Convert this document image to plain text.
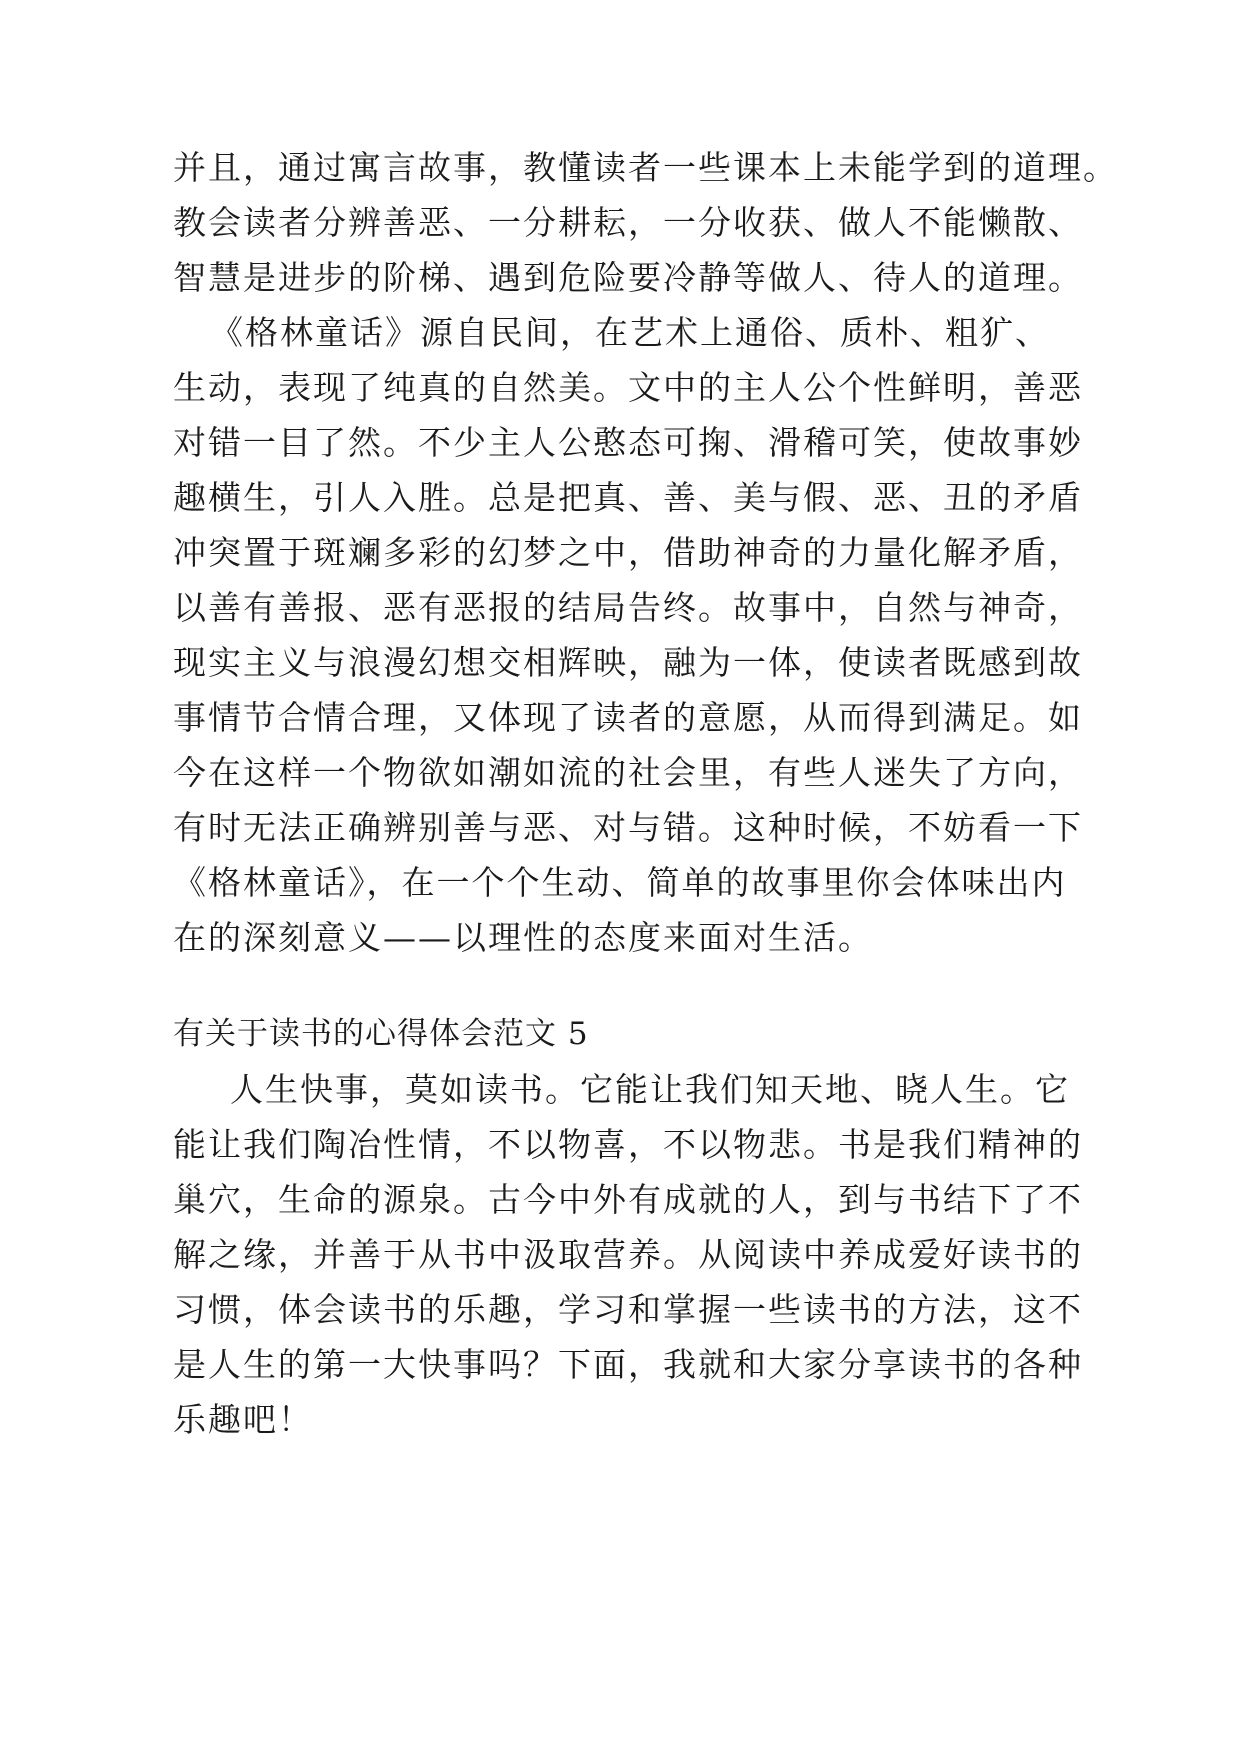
并且，通过寓言故事，教懂读者一些课本上未能学到的道理。
教会读者分辨善恶、一分耕耘，一分收获、做人不能懒散、
智慧是进步的阶梯、遇到危险要冷静等做人、待人的道理。
《格林童话》源自民间，在艺术上通俗、质朴、粗犷、
生动，表现了纯真的自然美。文中的主人公个性鲜明，善恶
对错一目了然。不少主人公憨态可掬、滑稽可笑，使故事妙
趣横生，引人入胜。总是把真、善、美与假、恶、丑的矛盾
冲突置于斑斓多彩的幻梦之中，借助神奇的力量化解矛盾，
以善有善报、恶有恶报的结局告终。故事中，自然与神奇，
现实主义与浪漫幻想交相辉映，融为一体，使读者既感到故
事情节合情合理，又体现了读者的意愿，从而得到满足。如
今在这样一个物欲如潮如流的社会里，有些人迷失了方向，
有时无法正确辨别善与恶、对与错。这种时候，不妨看一下
《格林童话》，在一个个生动、简单的故事里你会体味出内
在的深刻意义——以理性的态度来面对生活。
有关于读书的心得体会范文 5
人生快事，莫如读书。它能让我们知天地、晓人生。它
能让我们陶冶性情，不以物喜，不以物悲。书是我们精神的
巢穴，生命的源泉。古今中外有成就的人，到与书结下了不
解之缘，并善于从书中汲取营养。从阅读中养成爱好读书的
习惯，体会读书的乐趣，学习和掌握一些读书的方法，这不
是人生的第一大快事吗？下面，我就和大家分享读书的各种
乐趣吧！
